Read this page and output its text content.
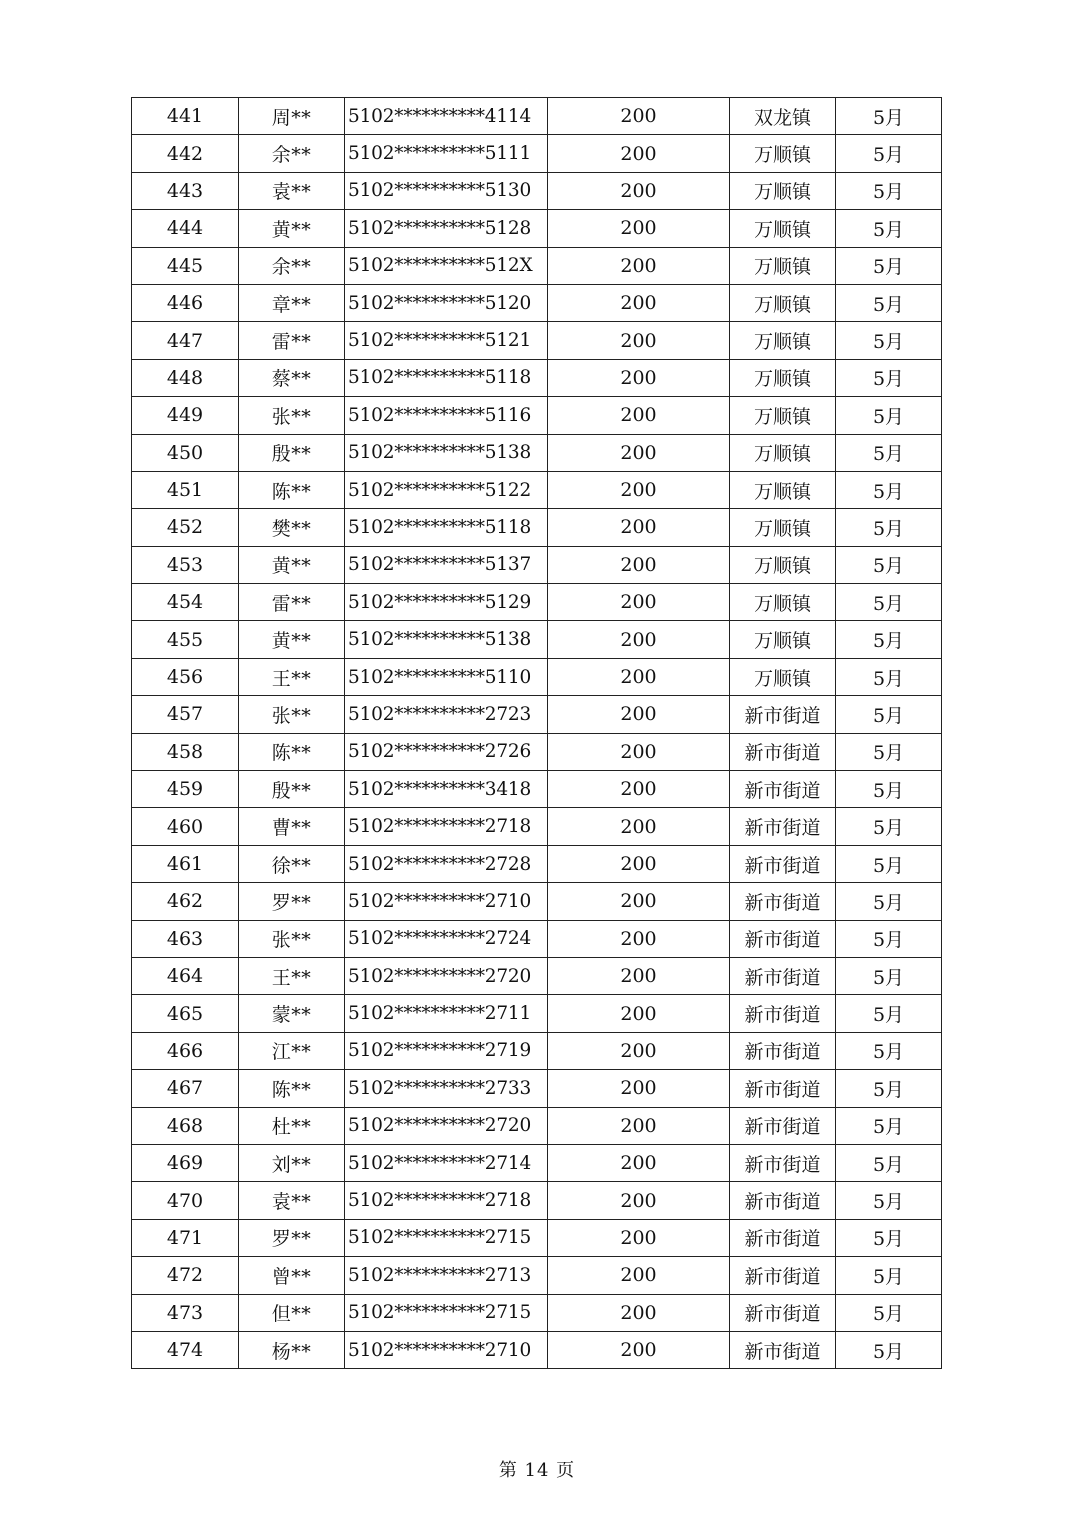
441	周**	5102**********4114	200	双龙镇	5月
442	余**	5102**********5111	200	万顺镇	5月
443	袁**	5102**********5130	200	万顺镇	5月
444	黄**	5102**********5128	200	万顺镇	5月
445	余**	5102**********512X	200	万顺镇	5月
446	章**	5102**********5120	200	万顺镇	5月
447	雷**	5102**********5121	200	万顺镇	5月
448	蔡**	5102**********5118	200	万顺镇	5月
449	张**	5102**********5116	200	万顺镇	5月
450	殷**	5102**********5138	200	万顺镇	5月
451	陈**	5102**********5122	200	万顺镇	5月
452	樊**	5102**********5118	200	万顺镇	5月
453	黄**	5102**********5137	200	万顺镇	5月
454	雷**	5102**********5129	200	万顺镇	5月
455	黄**	5102**********5138	200	万顺镇	5月
456	王**	5102**********5110	200	万顺镇	5月
457	张**	5102**********2723	200	新市街道	5月
458	陈**	5102**********2726	200	新市街道	5月
459	殷**	5102**********3418	200	新市街道	5月
460	曹**	5102**********2718	200	新市街道	5月
461	徐**	5102**********2728	200	新市街道	5月
462	罗**	5102**********2710	200	新市街道	5月
463	张**	5102**********2724	200	新市街道	5月
464	王**	5102**********2720	200	新市街道	5月
465	蒙**	5102**********2711	200	新市街道	5月
466	江**	5102**********2719	200	新市街道	5月
467	陈**	5102**********2733	200	新市街道	5月
468	杜**	5102**********2720	200	新市街道	5月
469	刘**	5102**********2714	200	新市街道	5月
470	袁**	5102**********2718	200	新市街道	5月
471	罗**	5102**********2715	200	新市街道	5月
472	曾**	5102**********2713	200	新市街道	5月
473	但**	5102**********2715	200	新市街道	5月
474	杨**	5102**********2710	200	新市街道	5月
第 14 页
